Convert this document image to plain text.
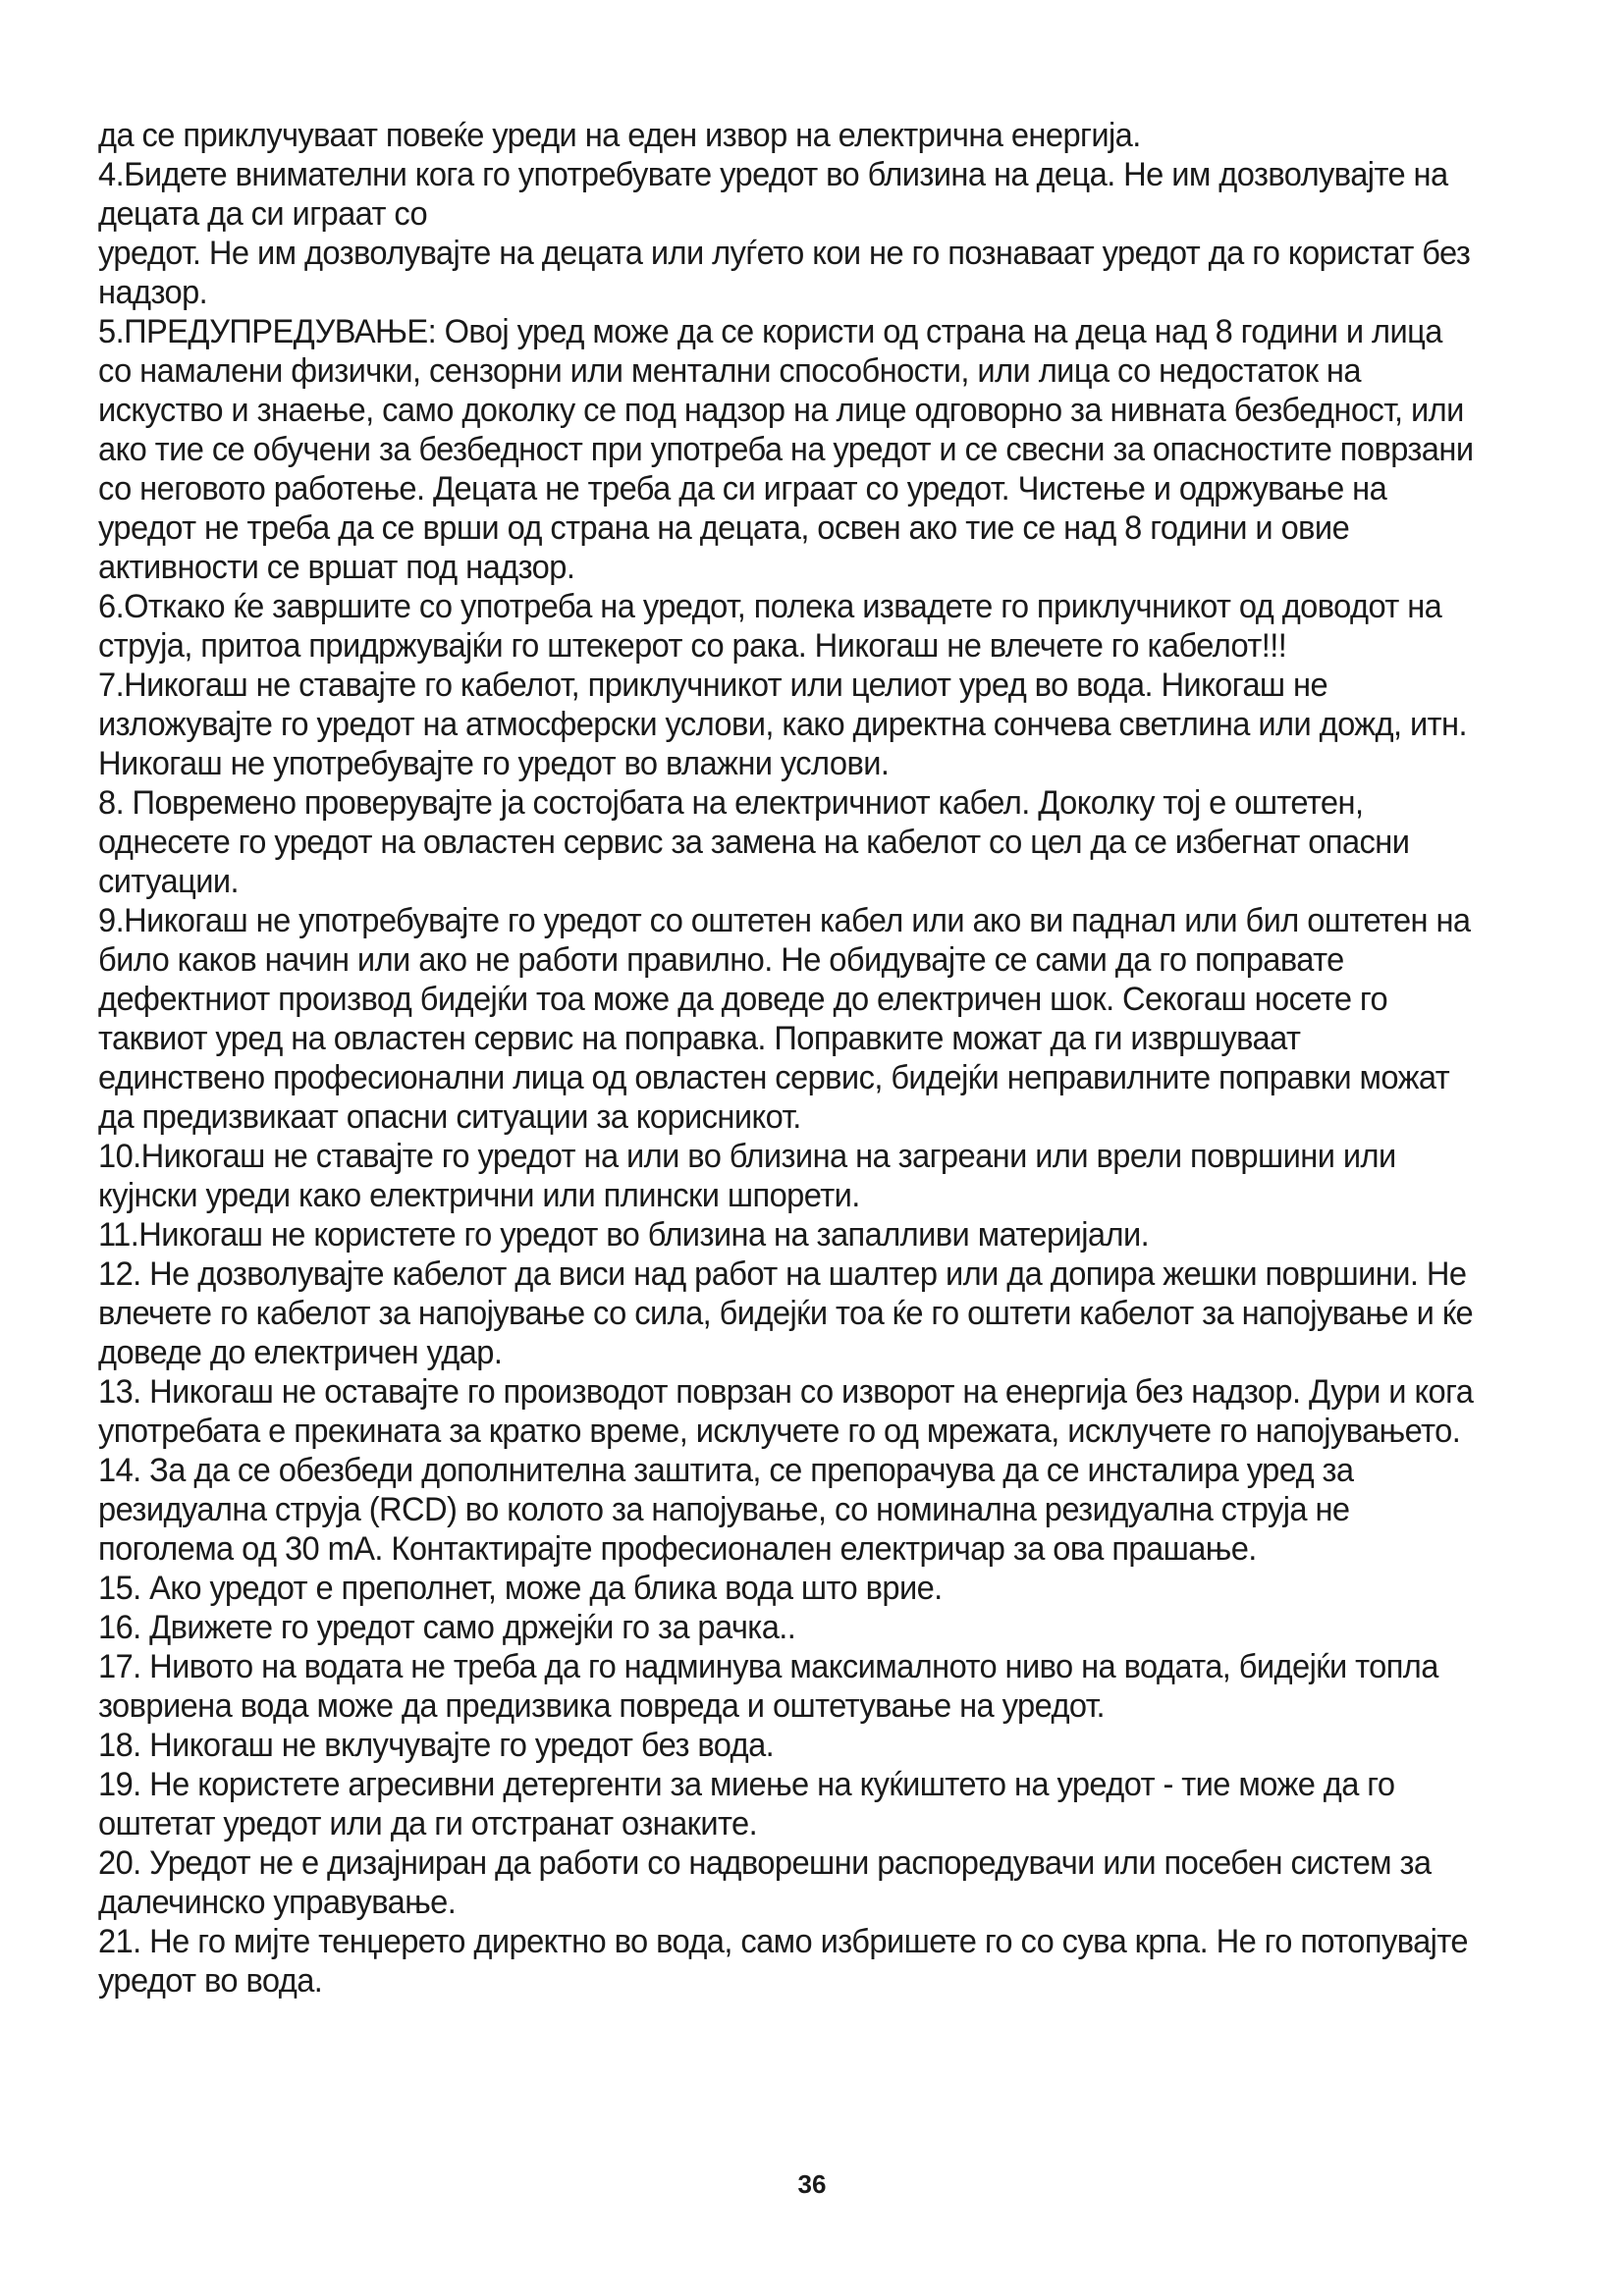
да се приклучуваат повеќе уреди на еден извор на електрична енергија.

4.Бидете внимателни кога го употребувате уредот во близина на деца. Не им дозволувајте на децата да си играат со

уредот. Не им дозволувајте на децата или луѓето кои не го познаваат уредот да го користат без надзор.

5.ПРЕДУПРЕДУВАЊЕ: Овој уред може да се користи од страна на деца над 8 години и лица со намалени физички, сензорни или ментални способности, или лица со недостаток на искуство и знаење, само доколку се под надзор на лице одговорно за нивната безбедност, или ако тие се обучени за безбедност при употреба на уредот и се свесни за опасностите поврзани со неговото работење. Децата не треба да си играат со уредот. Чистење и одржување на уредот не треба да се врши од страна на децата, освен ако тие се над 8 години и овие активности се вршат под надзор.

6.Откако ќе завршите со употреба на уредот, полека извадете го приклучникот од доводот на струја, притоа придржувајќи го штекерот со рака. Никогаш не влечете го кабелот!!!

7.Никогаш не ставајте го кабелот, приклучникот или целиот уред во вода. Никогаш не изложувајте го уредот на атмосферски услови, како директна сончева светлина или дожд, итн. Никогаш не употребувајте го уредот во влажни услови.

8. Повремено проверувајте ја состојбата на електричниот кабел. Доколку тој е оштетен, однесете го уредот на овластен сервис за замена на кабелот со цел да се избегнат опасни ситуации.

9.Никогаш не употребувајте го уредот со оштетен кабел или ако ви паднал или бил оштетен на било каков начин или ако не работи правилно. Не обидувајте се сами да го поправате дефектниот производ бидејќи тоа може да доведе до електричен шок. Секогаш носете го таквиот уред на овластен сервис на поправка. Поправките можат да ги извршуваат единствено професионални лица од овластен сервис, бидејќи неправилните поправки можат да предизвикаат опасни ситуации за корисникот.

10.Никогаш не ставајте го уредот на или во близина на загреани или врели површини или кујнски уреди како електрични или плински шпорети.

11.Никогаш не користете го уредот во близина на запалливи материјали.

12. Не дозволувајте кабелот да виси над работ на шалтер или да допира жешки површини. Не влечете го кабелот за напојување со сила, бидејќи тоа ќе го оштети кабелот за напојување и ќе доведе до електричен удар.

13. Никогаш не оставајте го производот поврзан со изворот на енергија без надзор. Дури и кога употребата е прекината за кратко време, исклучете го од мрежата, исклучете го напојувањето.

14. За да се обезбеди дополнителна заштита, се препорачува да се инсталира уред за резидуална струја (RCD) во колото за напојување, со номинална резидуална струја не поголема од 30 mA. Контактирајте професионален електричар за ова прашање.

15. Ако уредот е преполнет, може да блика вода што врие.

16. Движете го уредот само држејќи го за рачка..

17. Нивото на водата не треба да го надминува максималното ниво на водата, бидејќи топла зовриена вода може да предизвика повреда и оштетување на уредот.

18. Никогаш не вклучувајте го уредот без вода.

19. Не користете агресивни детергенти за миење на куќиштето на уредот - тие може да го оштетат уредот или да ги отстранат ознаките.

20. Уредот не е дизајниран да работи со надворешни распоредувачи или посебен систем за далечинско управување.

21. Не го мијте тенџерето директно во вода, само избришете го со сува крпа. Не го потопувајте уредот во вода.

36
